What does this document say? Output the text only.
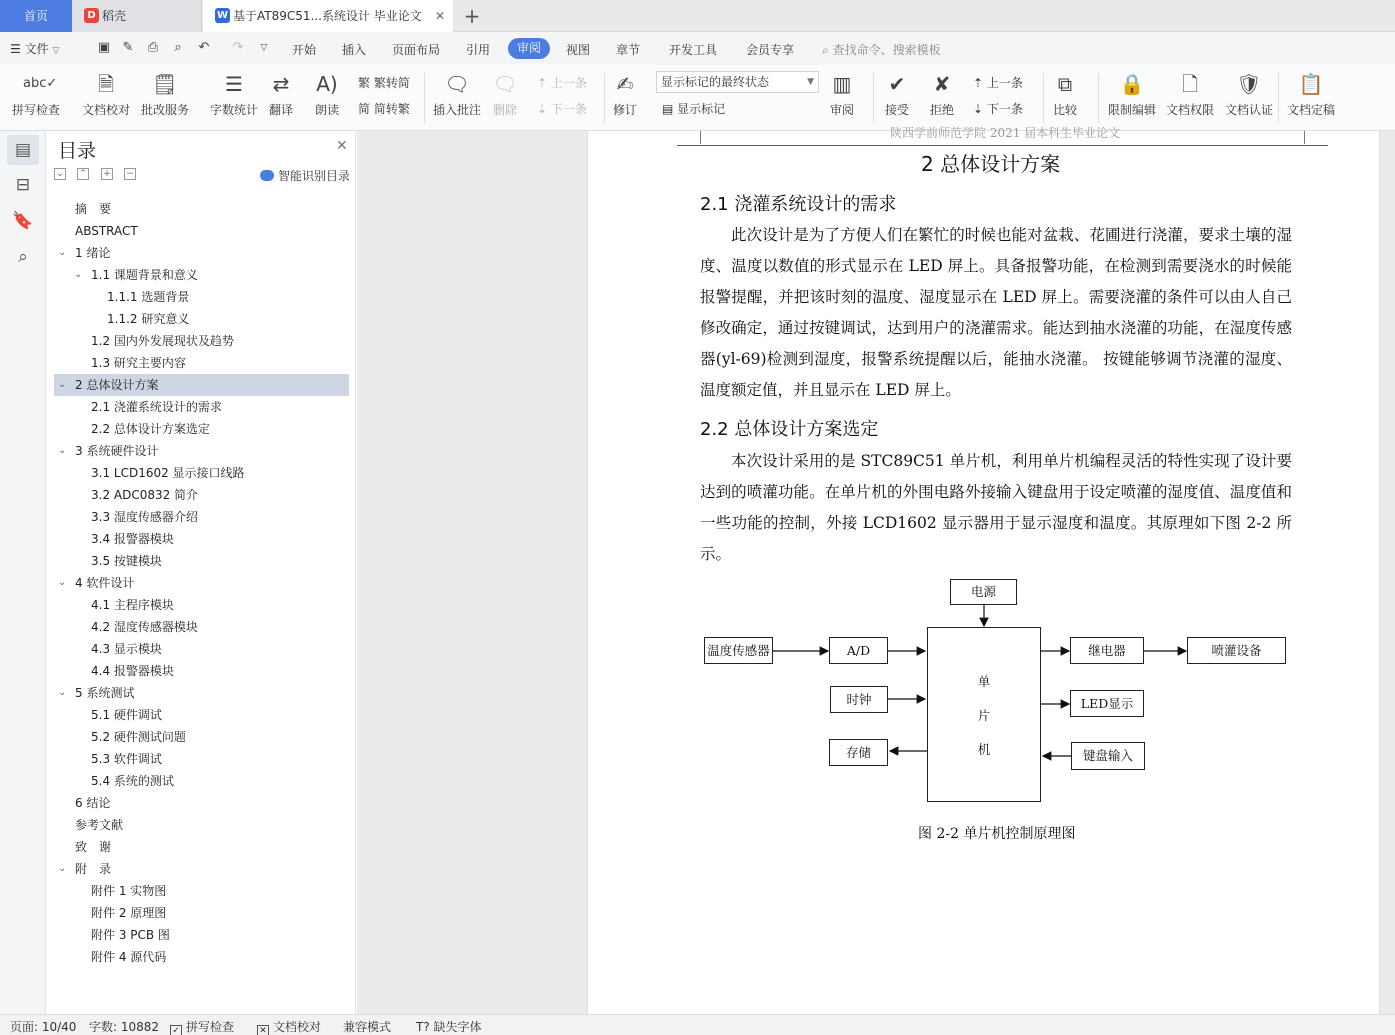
首页	D 稻壳	W 基于AT89C51...系统设计 毕业论文 ✕ +
☰ 文件 ▽	▣ ✎ ⎙	⌕	↶ ↷	▽	开始 插入 页面布局 引用	审阅	视图 章节 开发工具 会员专享 ⌕ 查找命令、搜索模板
abc✓
拼写检查
🗎
文档校对
🗒
批改服务
☰
字数统计
⇄
翻译
A)
朗读
繁 繁转简
简 简转繁
🗨
插入批注
🗨
删除
⇡ 上一条
⇣ 下一条
✍
修订
显示标记的最终状态	▼
▤ 显示标记
▥
审阅
✔
接受
✘
拒绝
⇡ 上一条
⇣ 下一条
⧉
比较
🔒
限制编辑
🗋
文档权限
🛡
文档认证
📋
文档定稿
▤
⊟
🔖
⌕
目录	✕
⌄ ⌃ + −	智能识别目录
摘　要
ABSTRACT
⌄ 1 绪论
⌄ 1.1 课题背景和意义
1.1.1 选题背景
1.1.2 研究意义
1.2 国内外发展现状及趋势
1.3 研究主要内容
⌄ 2 总体设计方案
2.1 浇灌系统设计的需求
2.2 总体设计方案选定
⌄ 3 系统硬件设计
3.1 LCD1602 显示接口线路
3.2 ADC0832 简介
3.3 湿度传感器介绍
3.4 报警器模块
3.5 按键模块
⌄ 4 软件设计
4.1 主程序模块
4.2 湿度传感器模块
4.3 显示模块
4.4 报警器模块
⌄ 5 系统测试
5.1 硬件调试
5.2 硬件测试问题
5.3 软件调试
5.4 系统的测试
6 结论
参考文献
致　谢
⌄ 附　录
附件 1 实物图
附件 2 原理图
附件 3 PCB 图
附件 4 源代码
陕西学前师范学院 2021 届本科生毕业论文
2 总体设计方案
2.1 浇灌系统设计的需求
此次设计是为了方便人们在繁忙的时候也能对盆栽、花圃进行浇灌，要求土壤的湿度、温度以数值的形式显示在 LED 屏上。具备报警功能，在检测到需要浇水的时候能报警提醒，并把该时刻的温度、湿度显示在 LED 屏上。需要浇灌的条件可以由人自己修改确定，通过按键调试，达到用户的浇灌需求。能达到抽水浇灌的功能，在湿度传感器(yl-69)检测到湿度，报警系统提醒以后，能抽水浇灌。 按键能够调节浇灌的湿度、温度额定值，并且显示在 LED 屏上。
2.2 总体设计方案选定
本次设计采用的是 STC89C51 单片机，利用单片机编程灵活的特性实现了设计要达到的喷灌功能。在单片机的外围电路外接输入键盘用于设定喷灌的湿度值、温度值和一些功能的控制，外接 LCD1602 显示器用于显示湿度和温度。其原理如下图 2-2 所示。
电源
温度传感器	A/D
时钟
存储
单
片
机
继电器	喷灌设备
LED显示
键盘输入
图 2-2 单片机控制原理图
页面: 10/40 字数: 10882 ✓ 拼写检查	✕ 文档校对 兼容模式 T? 缺失字体
